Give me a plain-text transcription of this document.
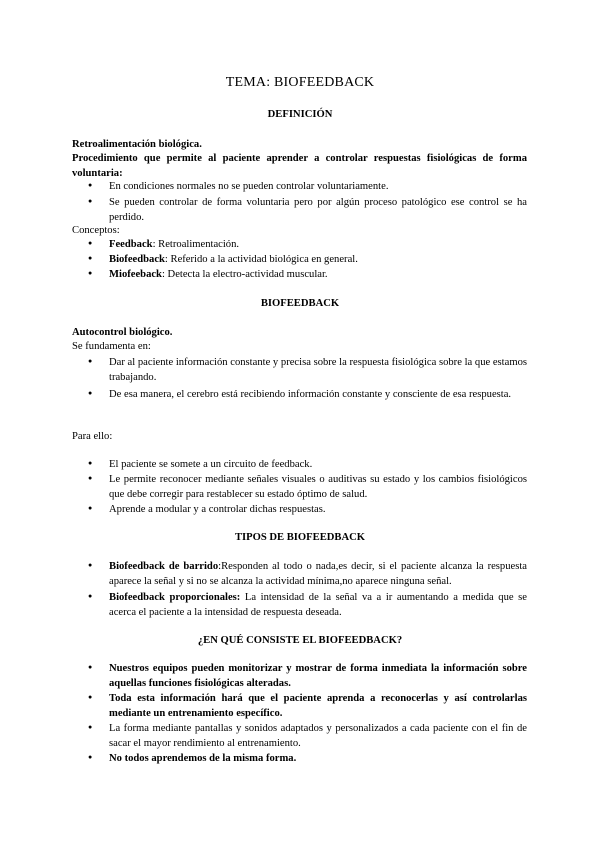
TEMA: BIOFEEDBACK
DEFINICIÓN
Retroalimentación biológica.
Procedimiento que permite al paciente aprender a controlar respuestas fisiológicas de forma voluntaria:
●
En condiciones normales no se pueden controlar voluntariamente.
●
Se pueden controlar de forma voluntaria pero por algún proceso patológico ese control se ha perdido.
Conceptos:
●
Feedback: Retroalimentación.
●
Biofeedback: Referido a la actividad biológica en general.
●
Miofeeback: Detecta la electro-actividad muscular.
BIOFEEDBACK
Autocontrol biológico.
Se fundamenta en:
●
Dar al paciente información constante y precisa sobre la respuesta fisiológica sobre la que estamos trabajando.
●
De esa manera, el cerebro está recibiendo información constante y consciente de esa respuesta.
Para ello:
●
El paciente se somete a un circuito de feedback.
●
Le permite reconocer mediante señales visuales o auditivas su estado y los cambios fisiológicos que debe corregir para restablecer su estado óptimo de salud.
●
Aprende a modular y a controlar dichas respuestas.
TIPOS DE BIOFEEDBACK
●
Biofeedback de barrido:Responden al todo o nada,es decir, si el paciente alcanza la respuesta aparece la señal y si no se alcanza la actividad mínima,no aparece ninguna señal.
●
Biofeedback proporcionales: La intensidad de la señal va a ir aumentando a medida que se acerca el paciente a la intensidad de respuesta deseada.
¿EN QUÉ CONSISTE EL BIOFEEDBACK?
●
Nuestros equipos pueden monitorizar y mostrar de forma inmediata la información sobre aquellas funciones fisiológicas alteradas.
●
Toda esta información hará que el paciente aprenda a reconocerlas y así controlarlas mediante un entrenamiento específico.
●
La forma mediante pantallas y sonidos adaptados y personalizados a cada paciente con el fin de sacar el mayor rendimiento al entrenamiento.
●
No todos aprendemos de la misma forma.
